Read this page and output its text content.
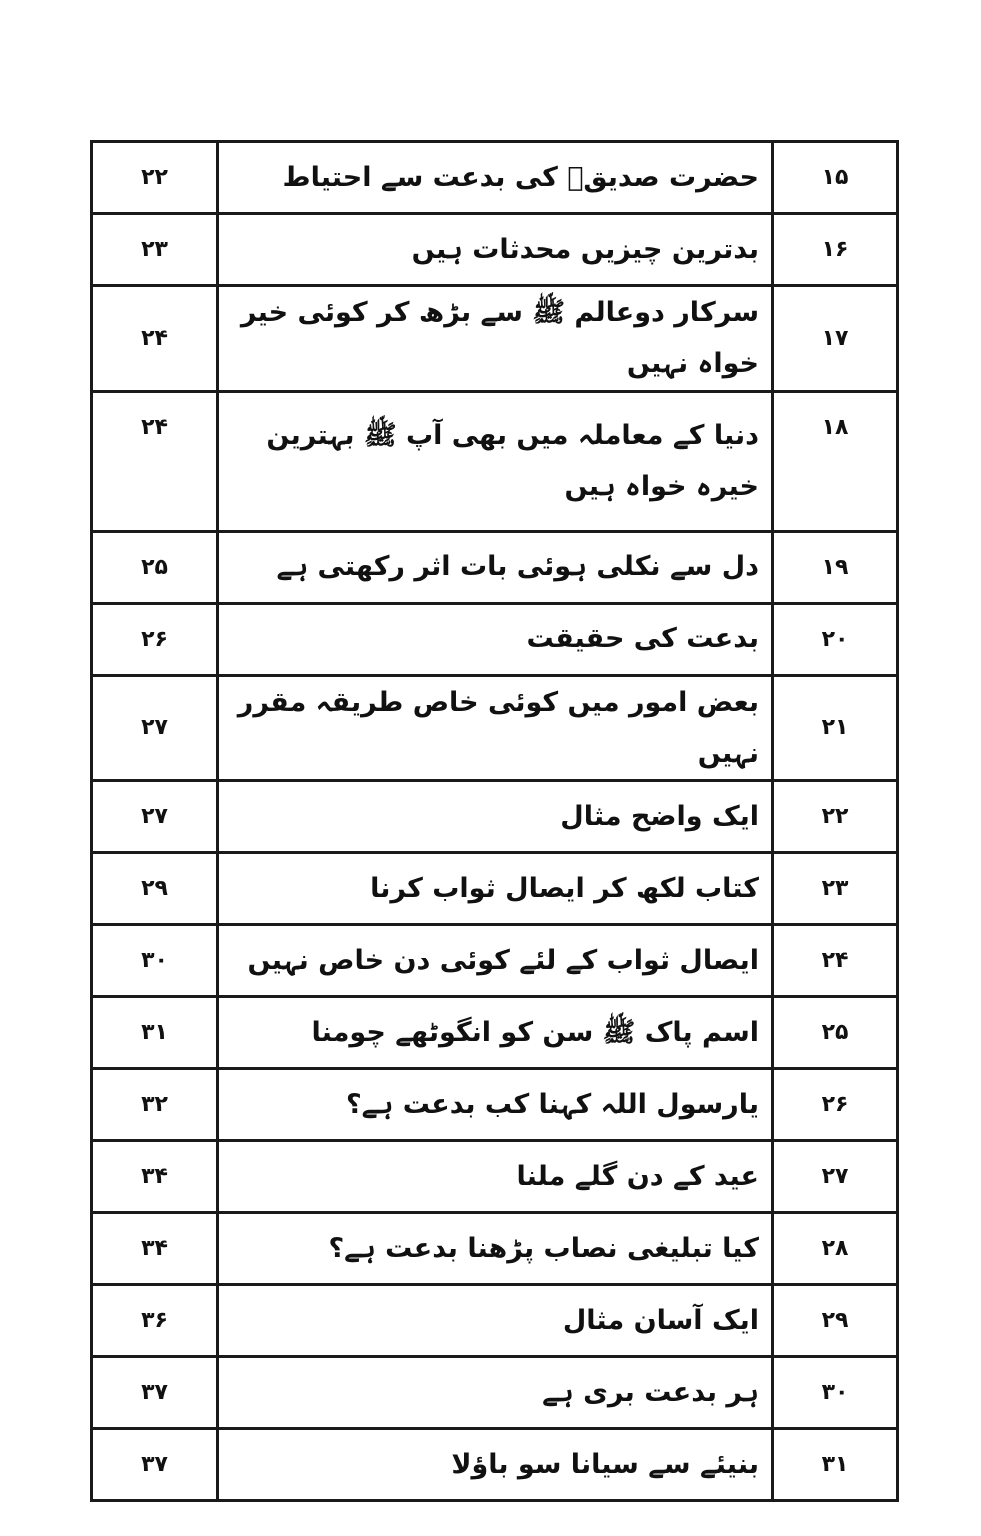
۲۲	حضرت صدیقؓ کی بدعت سے احتیاط	۱۵
۲۳	بدترین چیزیں محدثات ہیں	۱۶
۲۴	سرکار دوعالم ﷺ سے بڑھ کر کوئی خیر خواہ نہیں	۱۷
۲۴	دنیا کے معاملہ میں بھی آپ ﷺ بہترین خیرہ خواہ ہیں	۱۸
۲۵	دل سے نکلی ہوئی بات اثر رکھتی ہے	۱۹
۲۶	بدعت کی حقیقت	۲۰
۲۷	بعض امور میں کوئی خاص طریقہ مقرر نہیں	۲۱
۲۷	ایک واضح مثال	۲۲
۲۹	کتاب لکھ کر ایصال ثواب کرنا	۲۳
۳۰	ایصال ثواب کے لئے کوئی دن خاص نہیں	۲۴
۳۱	اسم پاک ﷺ سن کو انگوٹھے چومنا	۲۵
۳۲	یارسول اللہ کہنا کب بدعت ہے؟	۲۶
۳۴	عید کے دن گلے ملنا	۲۷
۳۴	کیا تبلیغی نصاب پڑھنا بدعت ہے؟	۲۸
۳۶	ایک آسان مثال	۲۹
۳۷	ہر بدعت بری ہے	۳۰
۳۷	بنیئے سے سیانا سو باؤلا	۳۱
